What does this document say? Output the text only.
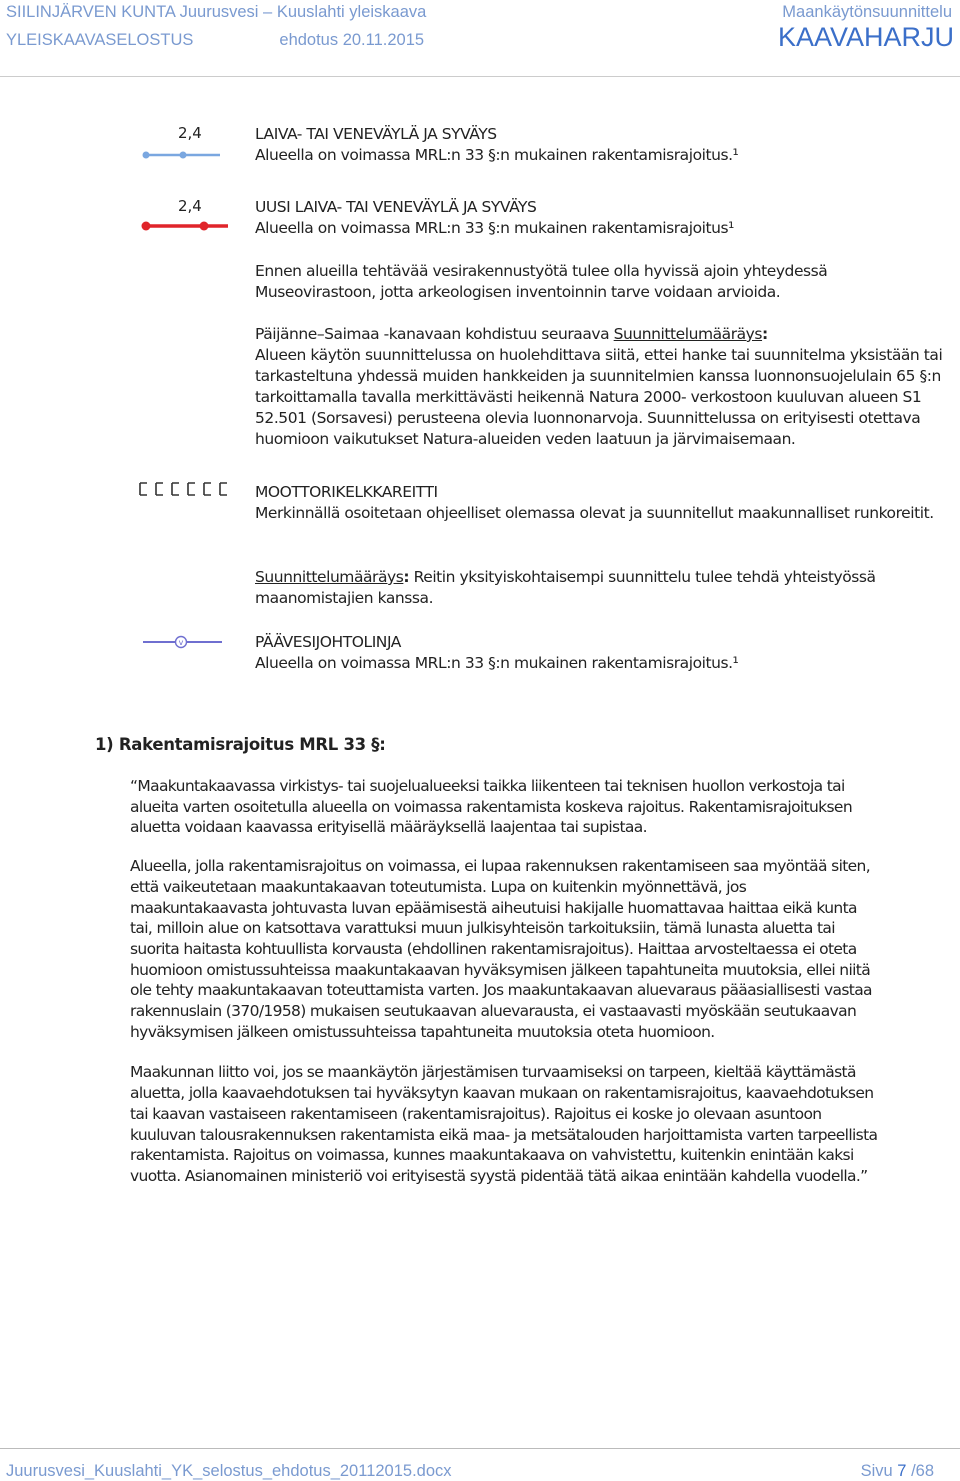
SIILINJÄRVEN KUNTA Juurusvesi – Kuuslahti yleiskaava
YLEISKAAVASELOSTUS	ehdotus 20.11.2015
Maankäytönsuunnittelu
KAAVAHARJU
2,4	LAIVA- TAI VENEVÄYLÄ JA SYVÄYS
Alueella on voimassa MRL:n 33 §:n mukainen rakentamisrajoitus.¹
2,4	UUSI LAIVA- TAI VENEVÄYLÄ JA SYVÄYS
Alueella on voimassa MRL:n 33 §:n mukainen rakentamisrajoitus¹
Ennen alueilla tehtävää vesirakennustyötä tulee olla hyvissä ajoin yhteydessä Museovirastoon, jotta arkeologisen inventoinnin tarve voidaan arvioida.
Päijänne–Saimaa -kanavaan kohdistuu seuraava Suunnittelumääräys:
Alueen käytön suunnittelussa on huolehdittava siitä, ettei hanke tai suunnitelma yksistään tai tarkasteltuna yhdessä muiden hankkeiden ja suunnitelmien kanssa luonnonsuojelulain 65 §:n tarkoittamalla tavalla merkittävästi heikennä Natura 2000- verkostoon kuuluvan alueen S1 52.501 (Sorsavesi) perusteena olevia luonnonarvoja. Suunnittelussa on erityisesti otettava huomioon vaikutukset Natura-alueiden veden laatuun ja järvimaisemaan.
MOOTTORIKELKKAREITTI
Merkinnällä osoitetaan ohjeelliset olemassa olevat ja suunnitellut maakunnalliset runkoreitit.
Suunnittelumääräys: Reitin yksityiskohtaisempi suunnittelu tulee tehdä yhteistyössä maanomistajien kanssa.
v	PÄÄVESIJOHTOLINJA
Alueella on voimassa MRL:n 33 §:n mukainen rakentamisrajoitus.¹
1) Rakentamisrajoitus MRL 33 §:

“Maakuntakaavassa virkistys- tai suojelualueeksi taikka liikenteen tai teknisen huollon verkostoja tai alueita varten osoitetulla alueella on voimassa rakentamista koskeva rajoitus. Rakentamisrajoituksen aluetta voidaan kaavassa erityisellä määräyksellä laajentaa tai supistaa.

Alueella, jolla rakentamisrajoitus on voimassa, ei lupaa rakennuksen rakentamiseen saa myöntää siten, että vaikeutetaan maakuntakaavan toteutumista. Lupa on kuitenkin myönnettävä, jos maakuntakaavasta johtuvasta luvan epäämisestä aiheutuisi hakijalle huomattavaa haittaa eikä kunta tai, milloin alue on katsottava varattuksi muun julkisyhteisön tarkoituksiin, tämä lunasta aluetta tai suorita haitasta kohtuullista korvausta (ehdollinen rakentamisrajoitus). Haittaa arvosteltaessa ei oteta huomioon omistussuhteissa maakuntakaavan hyväksymisen jälkeen tapahtuneita muutoksia, ellei niitä ole tehty maakuntakaavan toteuttamista varten. Jos maakuntakaavan aluevaraus pääasiallisesti vastaa rakennuslain (370/1958) mukaisen seutukaavan aluevarausta, ei vastaavasti myöskään seutukaavan hyväksymisen jälkeen omistussuhteissa tapahtuneita muutoksia oteta huomioon.

Maakunnan liitto voi, jos se maankäytön järjestämisen turvaamiseksi on tarpeen, kieltää käyttämästä aluetta, jolla kaavaehdotuksen tai hyväksytyn kaavan mukaan on rakentamisrajoitus, kaavaehdotuksen tai kaavan vastaiseen rakentamiseen (rakentamisrajoitus). Rajoitus ei koske jo olevaan asuntoon kuuluvan talousrakennuksen rakentamista eikä maa- ja metsätalouden harjoittamista varten tarpeellista rakentamista. Rajoitus on voimassa, kunnes maakuntakaava on vahvistettu, kuitenkin enintään kaksi vuotta. Asianomainen ministeriö voi erityisestä syystä pidentää tätä aikaa enintään kahdella vuodella.”

Juurusvesi_Kuuslahti_YK_selostus_ehdotus_20112015.docx	Sivu 7 /68
